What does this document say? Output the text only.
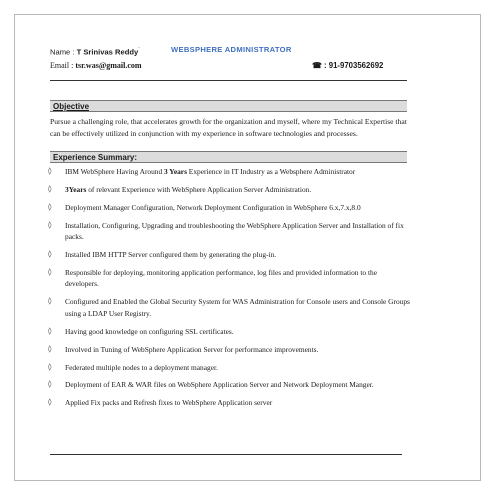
Name : T Srinivas Reddy¨	WEBSPHERE ADMINISTRATOR
Email : tsr.was@gmail.com	☎ : 91-9703562692
Objective

Pursue a challenging role, that accelerates growth for the organization and myself, where my Technical Expertise that can be effectively utilized in conjunction with my experience in software technologies and processes.

Experience Summary:
◊ IBM WebSphere Having Around 3 Years Experience in IT Industry as a Websphere Administrator
◊ 3Years of relevant Experience with WebSphere Application Server Administration.
◊ Deployment Manager Configuration, Network Deployment Configuration in WebSphere 6.x,7.x,8.0
◊ Installation, Configuring, Upgrading and troubleshooting the WebSphere Application Server and Installation of fix packs.
◊ Installed IBM HTTP Server configured them by generating the plug-in.
◊ Responsible for deploying, monitoring application performance, log files and provided information to the developers.
◊ Configured and Enabled the Global Security System for WAS Administration for Console users and Console Groups using a LDAP User Registry.
◊ Having good knowledge on configuring SSL certificates.
◊ Involved in Tuning of WebSphere Application Server for performance improvements.
◊ Federated multiple nodes to a deployment manager.
◊ Deployment of EAR & WAR files on WebSphere Application Server and Network Deployment Manger.
◊ Applied Fix packs and Refresh fixes to WebSphere Application server
